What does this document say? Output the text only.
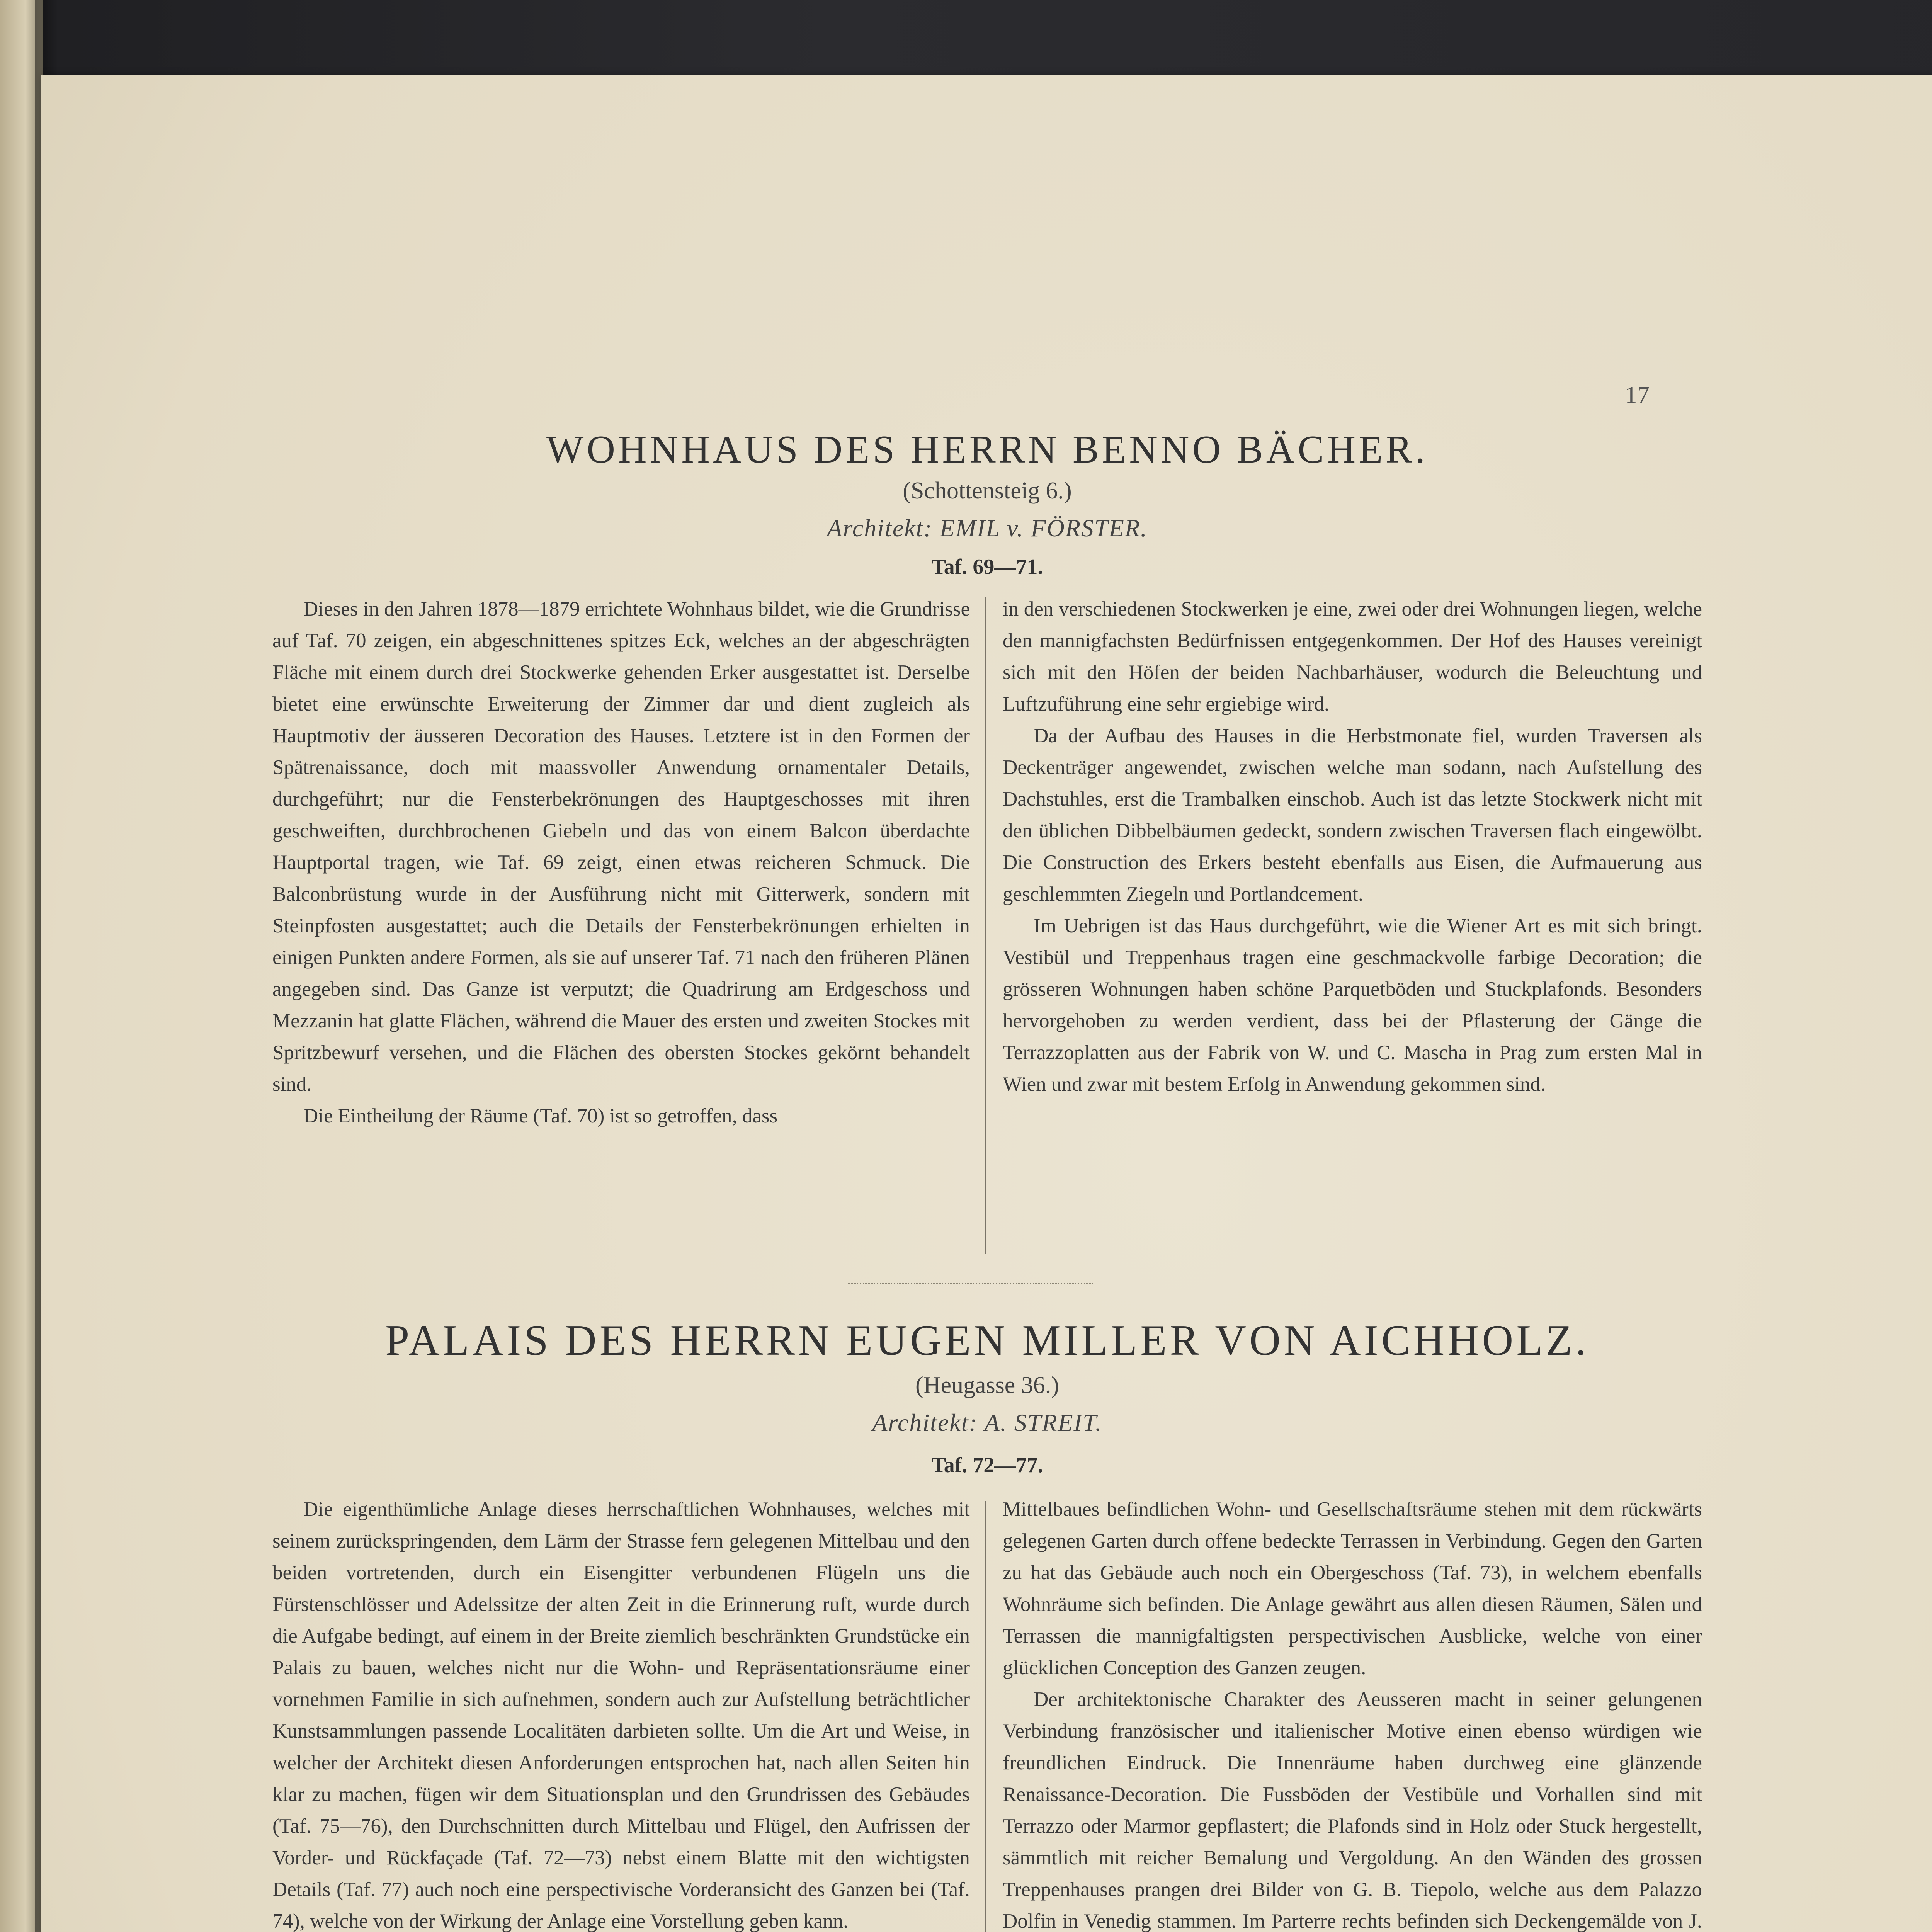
17
WOHNHAUS DES HERRN BENNO BÄCHER.
(Schottensteig 6.)
Architekt: EMIL v. FÖRSTER.
Taf. 69—71.

Dieses in den Jahren 1878—1879 errichtete Wohnhaus bildet, wie die Grundrisse auf Taf. 70 zeigen, ein abgeschnittenes spitzes Eck, welches an der abgeschrägten Fläche mit einem durch drei Stockwerke gehenden Erker ausgestattet ist. Derselbe bietet eine erwünschte Erweiterung der Zimmer dar und dient zugleich als Hauptmotiv der äusseren Decoration des Hauses. Letztere ist in den Formen der Spätrenaissance, doch mit maassvoller Anwendung ornamentaler Details, durchgeführt; nur die Fensterbekrönungen des Hauptgeschosses mit ihren geschweiften, durchbrochenen Giebeln und das von einem Balcon überdachte Hauptportal tragen, wie Taf. 69 zeigt, einen etwas reicheren Schmuck. Die Balconbrüstung wurde in der Ausführung nicht mit Gitterwerk, sondern mit Steinpfosten ausgestattet; auch die Details der Fensterbekrönungen erhielten in einigen Punkten andere Formen, als sie auf unserer Taf. 71 nach den früheren Plänen angegeben sind. Das Ganze ist verputzt; die Quadrirung am Erdgeschoss und Mezzanin hat glatte Flächen, während die Mauer des ersten und zweiten Stockes mit Spritzbewurf versehen, und die Flächen des obersten Stockes gekörnt behandelt sind.

Die Eintheilung der Räume (Taf. 70) ist so getroffen, dass

in den verschiedenen Stockwerken je eine, zwei oder drei Wohnungen liegen, welche den mannigfachsten Bedürfnissen entgegenkommen. Der Hof des Hauses vereinigt sich mit den Höfen der beiden Nachbarhäuser, wodurch die Beleuchtung und Luftzuführung eine sehr ergiebige wird.

Da der Aufbau des Hauses in die Herbstmonate fiel, wurden Traversen als Deckenträger angewendet, zwischen welche man sodann, nach Aufstellung des Dachstuhles, erst die Trambalken einschob. Auch ist das letzte Stockwerk nicht mit den üblichen Dibbelbäumen gedeckt, sondern zwischen Traversen flach eingewölbt. Die Construction des Erkers besteht ebenfalls aus Eisen, die Aufmauerung aus geschlemmten Ziegeln und Portlandcement.

Im Uebrigen ist das Haus durchgeführt, wie die Wiener Art es mit sich bringt. Vestibül und Treppenhaus tragen eine geschmackvolle farbige Decoration; die grösseren Wohnungen haben schöne Parquetböden und Stuckplafonds. Besonders hervorgehoben zu werden verdient, dass bei der Pflasterung der Gänge die Terrazzoplatten aus der Fabrik von W. und C. Mascha in Prag zum ersten Mal in Wien und zwar mit bestem Erfolg in Anwendung gekommen sind.

PALAIS DES HERRN EUGEN MILLER VON AICHHOLZ.
(Heugasse 36.)
Architekt: A. STREIT.
Taf. 72—77.

Die eigenthümliche Anlage dieses herrschaftlichen Wohnhauses, welches mit seinem zurückspringenden, dem Lärm der Strasse fern gelegenen Mittelbau und den beiden vortretenden, durch ein Eisengitter verbundenen Flügeln uns die Fürstenschlösser und Adelssitze der alten Zeit in die Erinnerung ruft, wurde durch die Aufgabe bedingt, auf einem in der Breite ziemlich beschränkten Grundstücke ein Palais zu bauen, welches nicht nur die Wohn- und Repräsentationsräume einer vornehmen Familie in sich aufnehmen, sondern auch zur Aufstellung beträchtlicher Kunstsammlungen passende Localitäten darbieten sollte. Um die Art und Weise, in welcher der Architekt diesen Anforderungen entsprochen hat, nach allen Seiten hin klar zu machen, fügen wir dem Situationsplan und den Grundrissen des Gebäudes (Taf. 75—76), den Durchschnitten durch Mittelbau und Flügel, den Aufrissen der Vorder- und Rückfaçade (Taf. 72—73) nebst einem Blatte mit den wichtigsten Details (Taf. 77) auch noch eine perspectivische Vorderansicht des Ganzen bei (Taf. 74), welche von der Wirkung der Anlage eine Vorstellung geben kann.

Mittelbaues befindlichen Wohn- und Gesellschaftsräume stehen mit dem rückwärts gelegenen Garten durch offene bedeckte Terrassen in Verbindung. Gegen den Garten zu hat das Gebäude auch noch ein Obergeschoss (Taf. 73), in welchem ebenfalls Wohnräume sich befinden. Die Anlage gewährt aus allen diesen Räumen, Sälen und Terrassen die mannigfaltigsten perspectivischen Ausblicke, welche von einer glücklichen Conception des Ganzen zeugen.

Der architektonische Charakter des Aeusseren macht in seiner gelungenen Verbindung französischer und italienischer Motive einen ebenso würdigen wie freundlichen Eindruck. Die Innenräume haben durchweg eine glänzende Renaissance-Decoration. Die Fussböden der Vestibüle und Vorhallen sind mit Terrazzo oder Marmor gepflastert; die Plafonds sind in Holz oder Stuck hergestellt, sämmtlich mit reicher Bemalung und Vergoldung. An den Wänden des grossen Treppenhauses prangen drei Bilder von G. B. Tiepolo, welche aus dem Palazzo Dolfin in Venedig stammen. Im Parterre rechts befinden sich Deckengemälde von J.
